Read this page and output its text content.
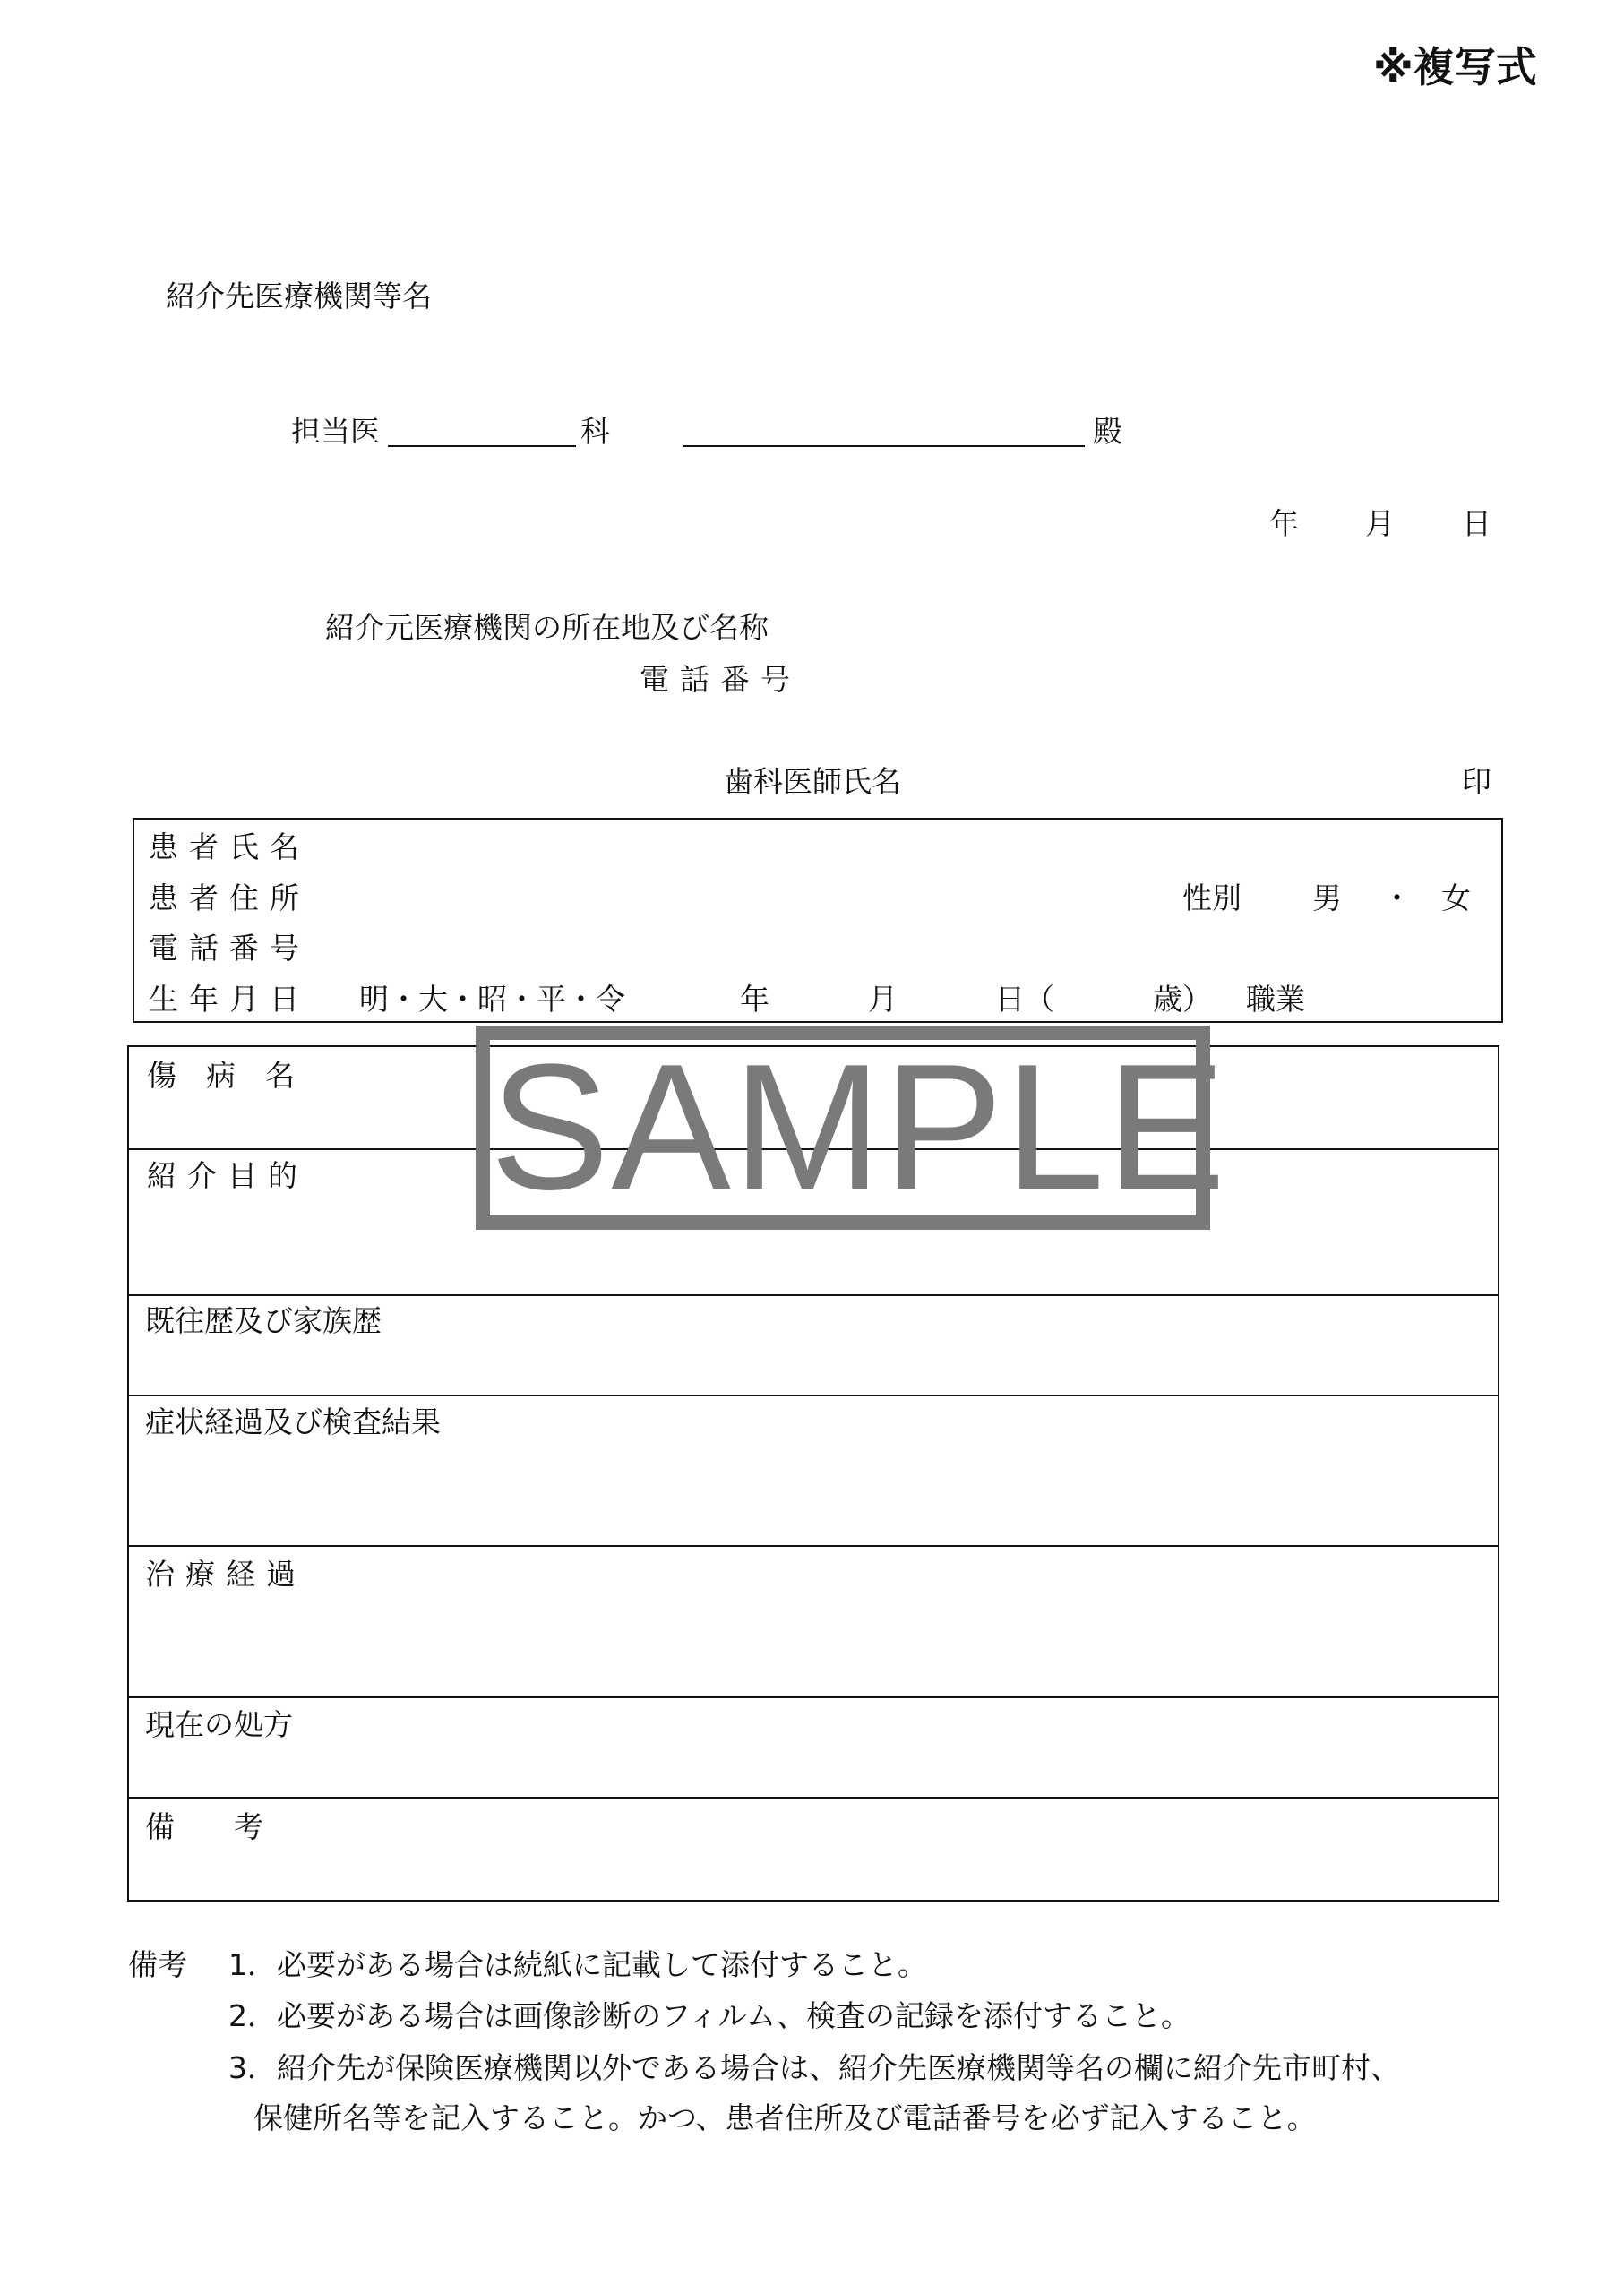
※複写式
紹介先医療機関等名
担当医	科	殿
年 月 日
紹介元医療機関の所在地及び名称
電話番号
歯科医師氏名	印
患者氏名
患者住所	性別 男 ・ 女
電話番号
生年月日 明・大・昭・平・令	年	月	日（	歳） 職業
傷　病　名
紹介目的
既往歴及び家族歴
症状経過及び検査結果
治療経過
現在の処方
備　　考
SAMPLE
備考 1．必要がある場合は続紙に記載して添付すること。
2．必要がある場合は画像診断のフィルム、検査の記録を添付すること。
3．紹介先が保険医療機関以外である場合は、紹介先医療機関等名の欄に紹介先市町村、
保健所名等を記入すること。かつ、患者住所及び電話番号を必ず記入すること。
